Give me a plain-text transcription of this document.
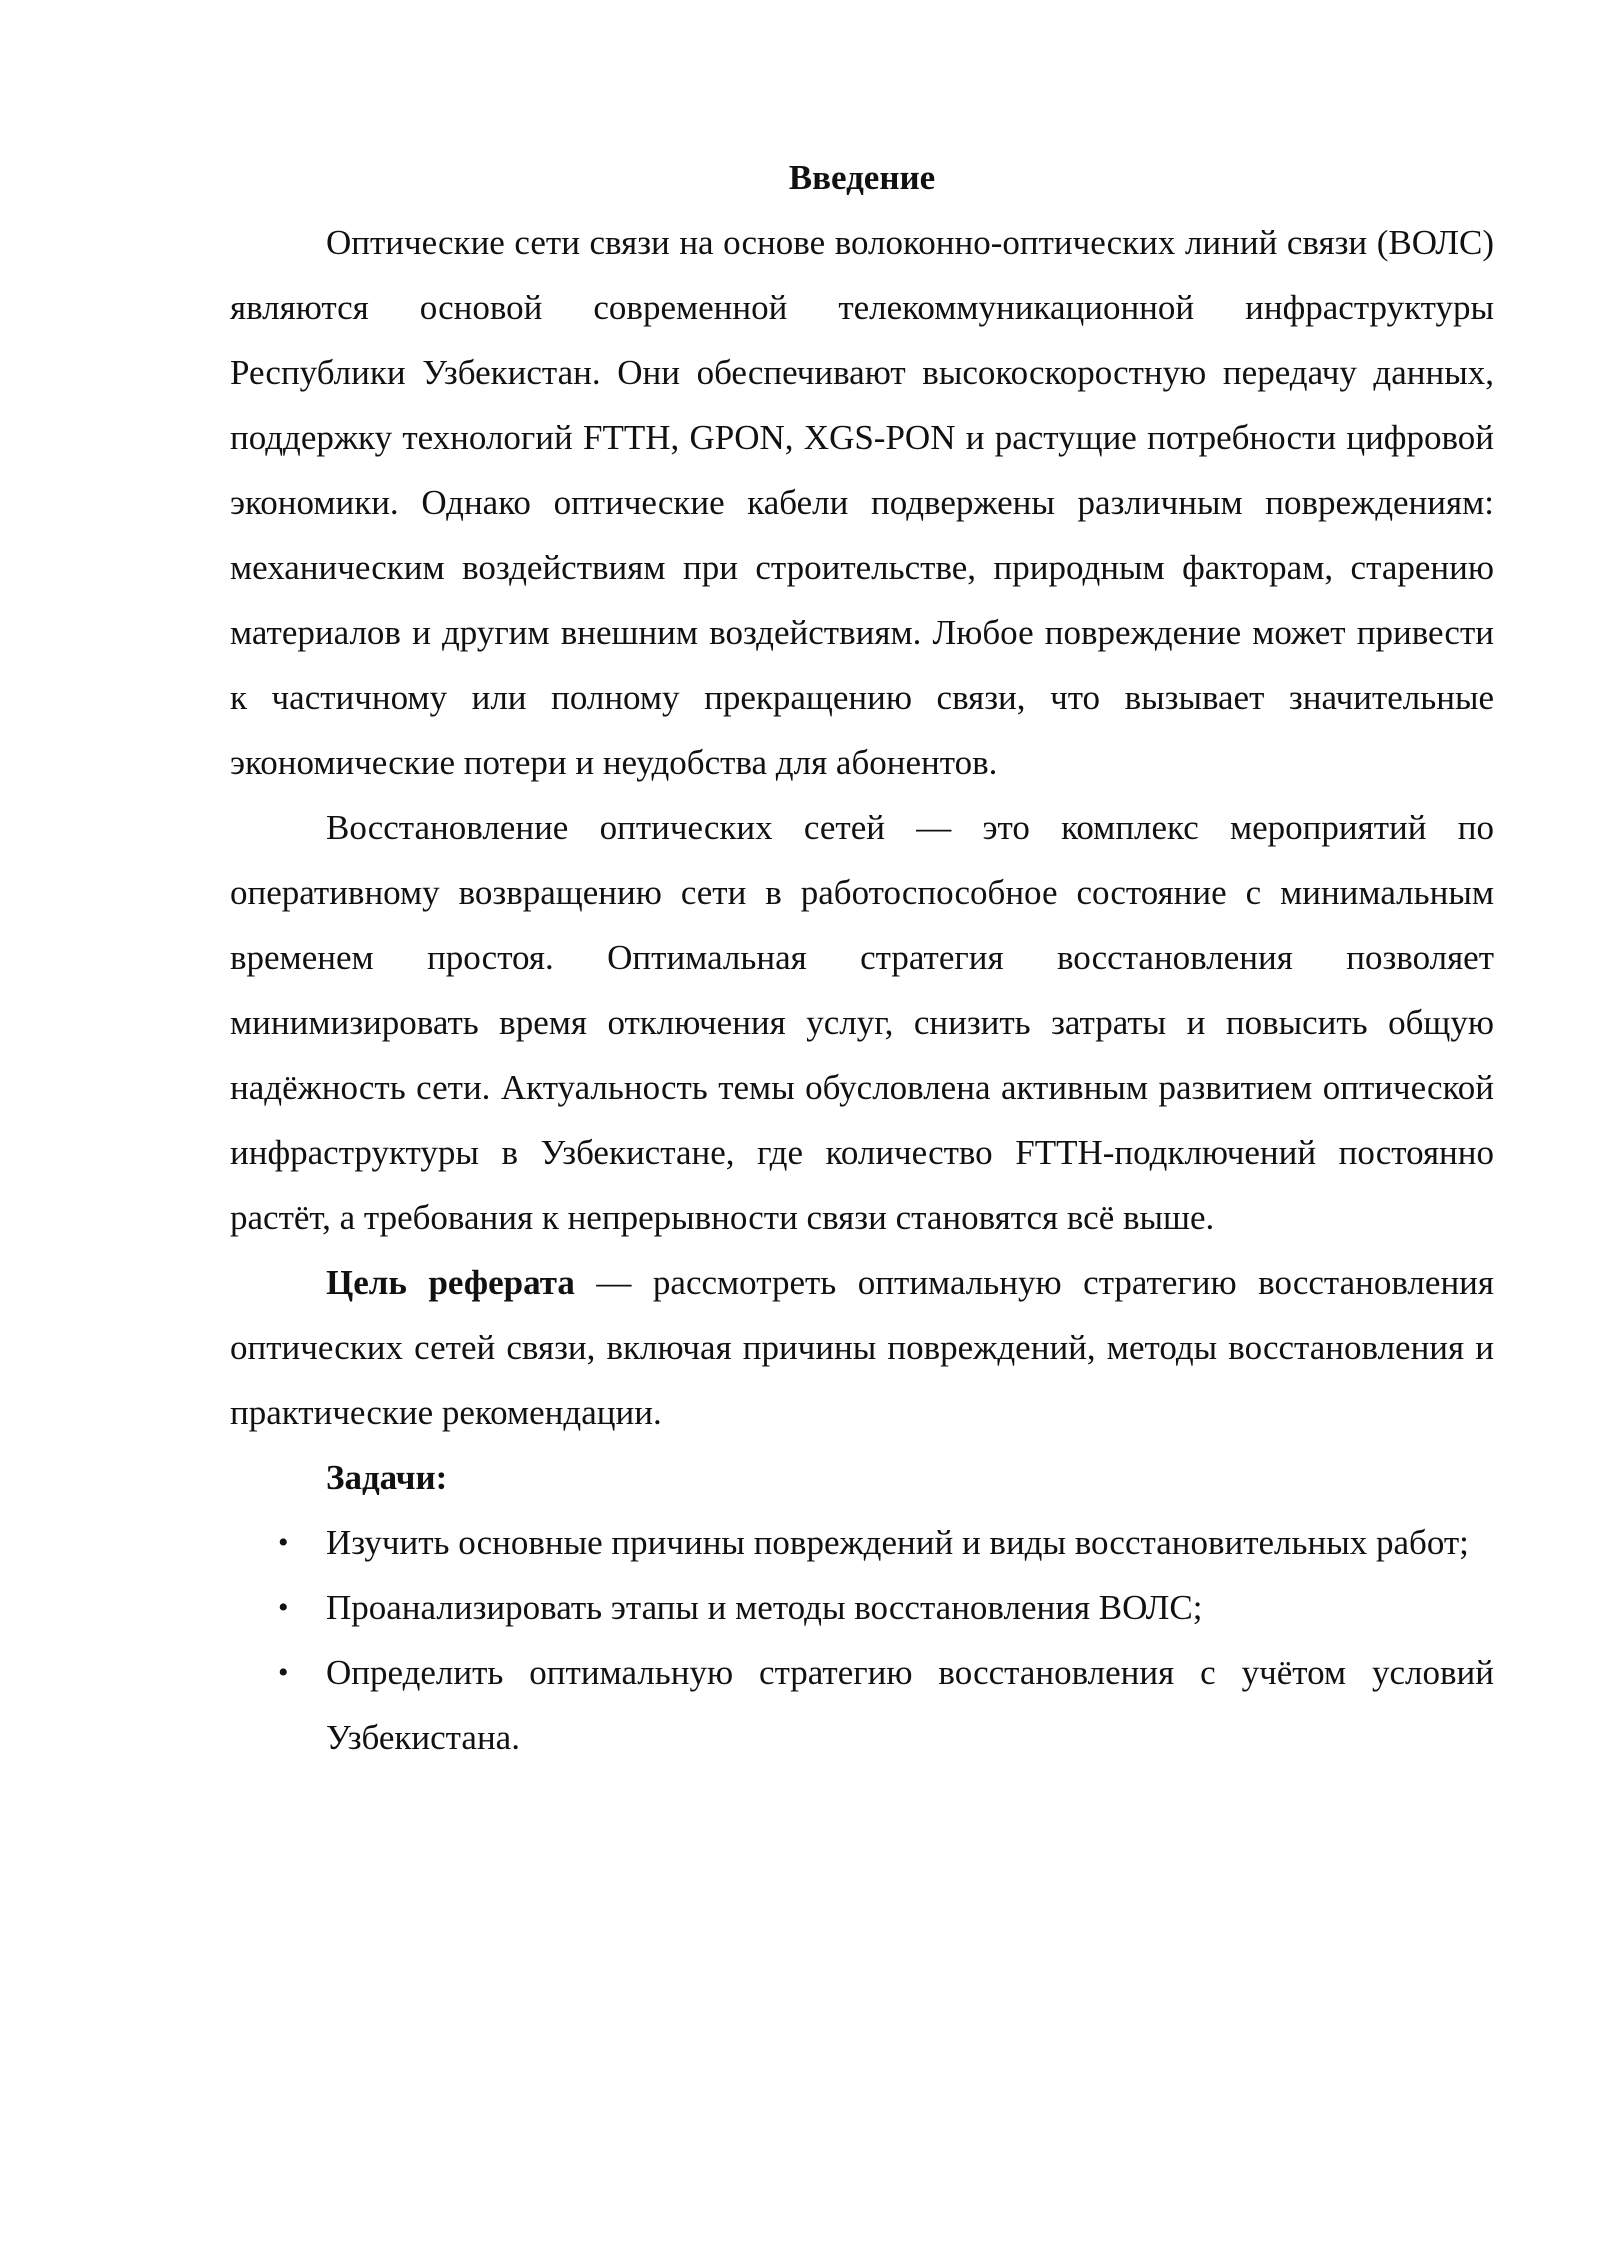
Введение

Оптические сети связи на основе волоконно-оптических линий связи (ВОЛС) являются основой современной телекоммуникационной инфраструктуры Республики Узбекистан. Они обеспечивают высокоскоростную передачу данных, поддержку технологий FTTH, GPON, XGS-PON и растущие потребности цифровой экономики. Однако оптические кабели подвержены различным повреждениям: механическим воздействиям при строительстве, природным факторам, старению материалов и другим внешним воздействиям. Любое повреждение может привести к частичному или полному прекращению связи, что вызывает значительные экономические потери и неудобства для абонентов.

Восстановление оптических сетей — это комплекс мероприятий по оперативному возвращению сети в работоспособное состояние с минимальным временем простоя. Оптимальная стратегия восстановления позволяет минимизировать время отключения услуг, снизить затраты и повысить общую надёжность сети. Актуальность темы обусловлена активным развитием оптической инфраструктуры в Узбекистане, где количество FTTH-подключений постоянно растёт, а требования к непрерывности связи становятся всё выше.

Цель реферата — рассмотреть оптимальную стратегию восстановления оптических сетей связи, включая причины повреждений, методы восстановления и практические рекомендации.

Задачи:

• Изучить основные причины повреждений и виды восстановительных работ;
• Проанализировать этапы и методы восстановления ВОЛС;
• Определить оптимальную стратегию восстановления с учётом условий Узбекистана.
